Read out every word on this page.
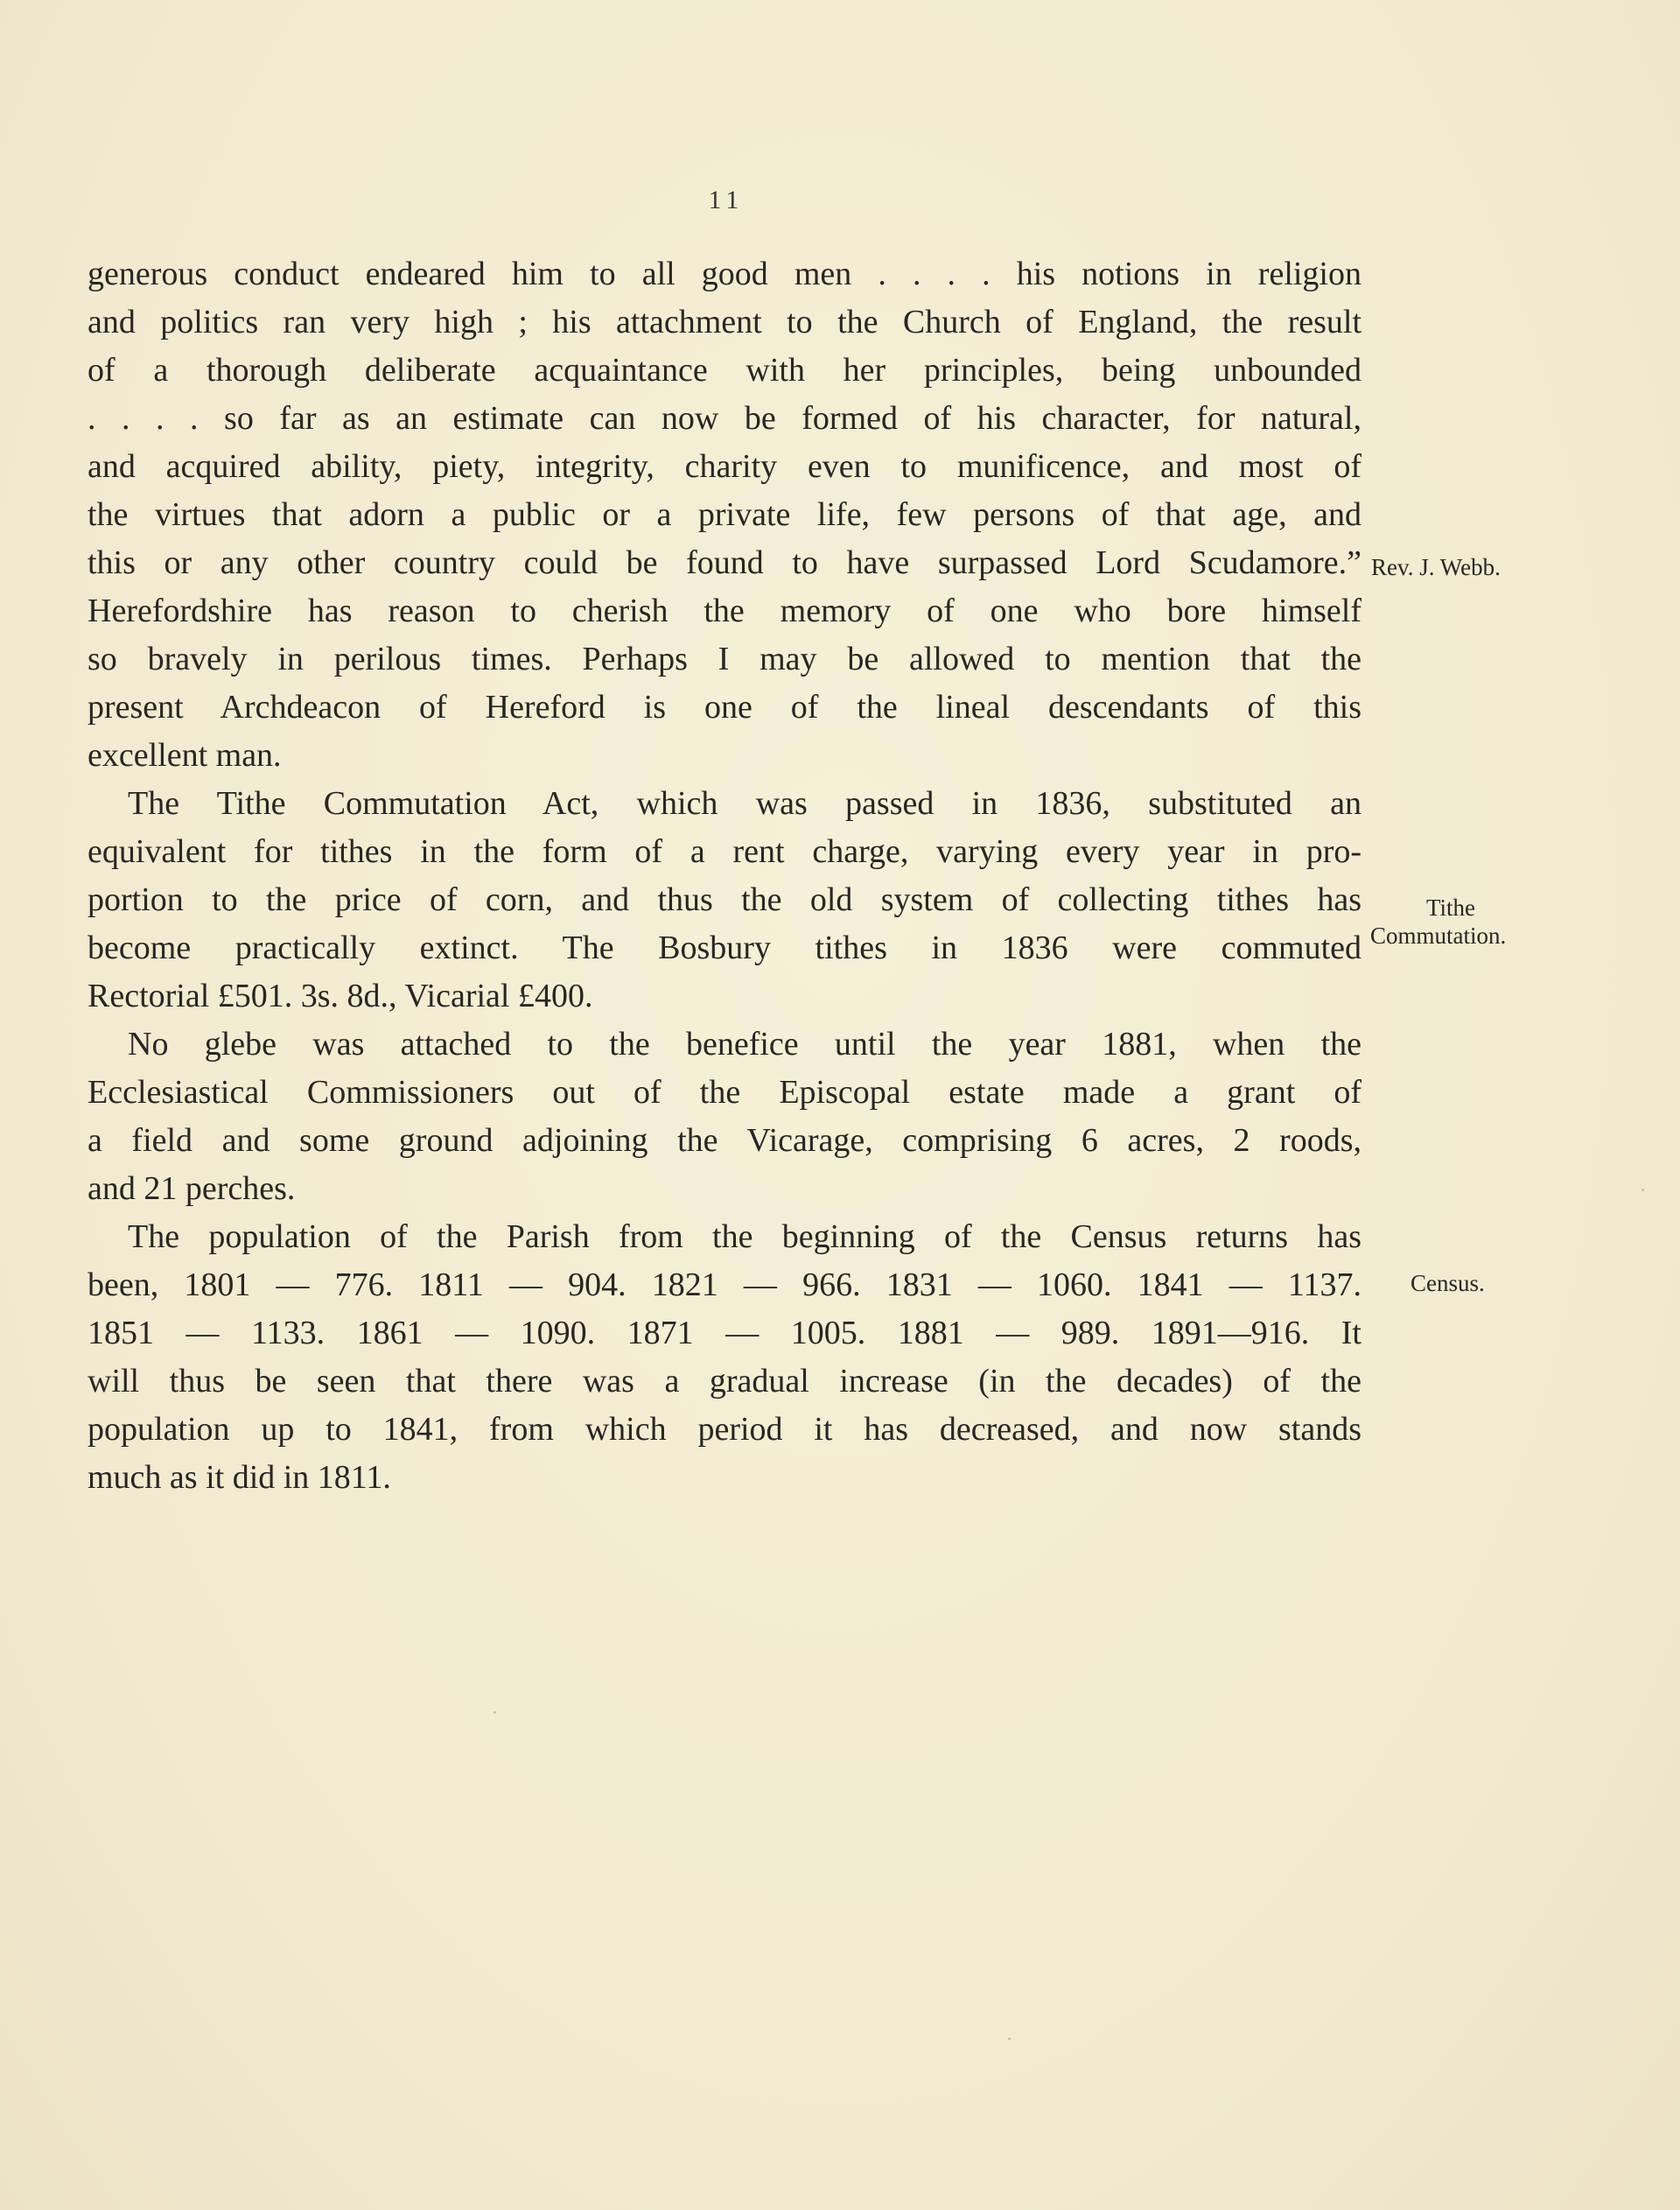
11
generous conduct endeared him to all good men . . . . his notions in religion
and politics ran very high ; his attachment to the Church of England, the result
of a thorough deliberate acquaintance with her principles, being unbounded
. . . . so far as an estimate can now be formed of his character, for natural,
and acquired ability, piety, integrity, charity even to munificence, and most of
the virtues that adorn a public or a private life, few persons of that age, and
this or any other country could be found to have surpassed Lord Scudamore.”
Herefordshire has reason to cherish the memory of one who bore himself
so bravely in perilous times. Perhaps I may be allowed to mention that the
present Archdeacon of Hereford is one of the lineal descendants of this
excellent man.
The Tithe Commutation Act, which was passed in 1836, substituted an
equivalent for tithes in the form of a rent charge, varying every year in pro-
portion to the price of corn, and thus the old system of collecting tithes has
become practically extinct. The Bosbury tithes in 1836 were commuted
Rectorial £501. 3s. 8d., Vicarial £400.
No glebe was attached to the benefice until the year 1881, when the
Ecclesiastical Commissioners out of the Episcopal estate made a grant of
a field and some ground adjoining the Vicarage, comprising 6 acres, 2 roods,
and 21 perches.
The population of the Parish from the beginning of the Census returns has
been, 1801 — 776. 1811 — 904. 1821 — 966. 1831 — 1060. 1841 — 1137.
1851 — 1133. 1861 — 1090. 1871 — 1005. 1881 — 989. 1891—916. It
will thus be seen that there was a gradual increase (in the decades) of the
population up to 1841, from which period it has decreased, and now stands
much as it did in 1811.
Rev. J. Webb.
Tithe
Commutation.
Census.
